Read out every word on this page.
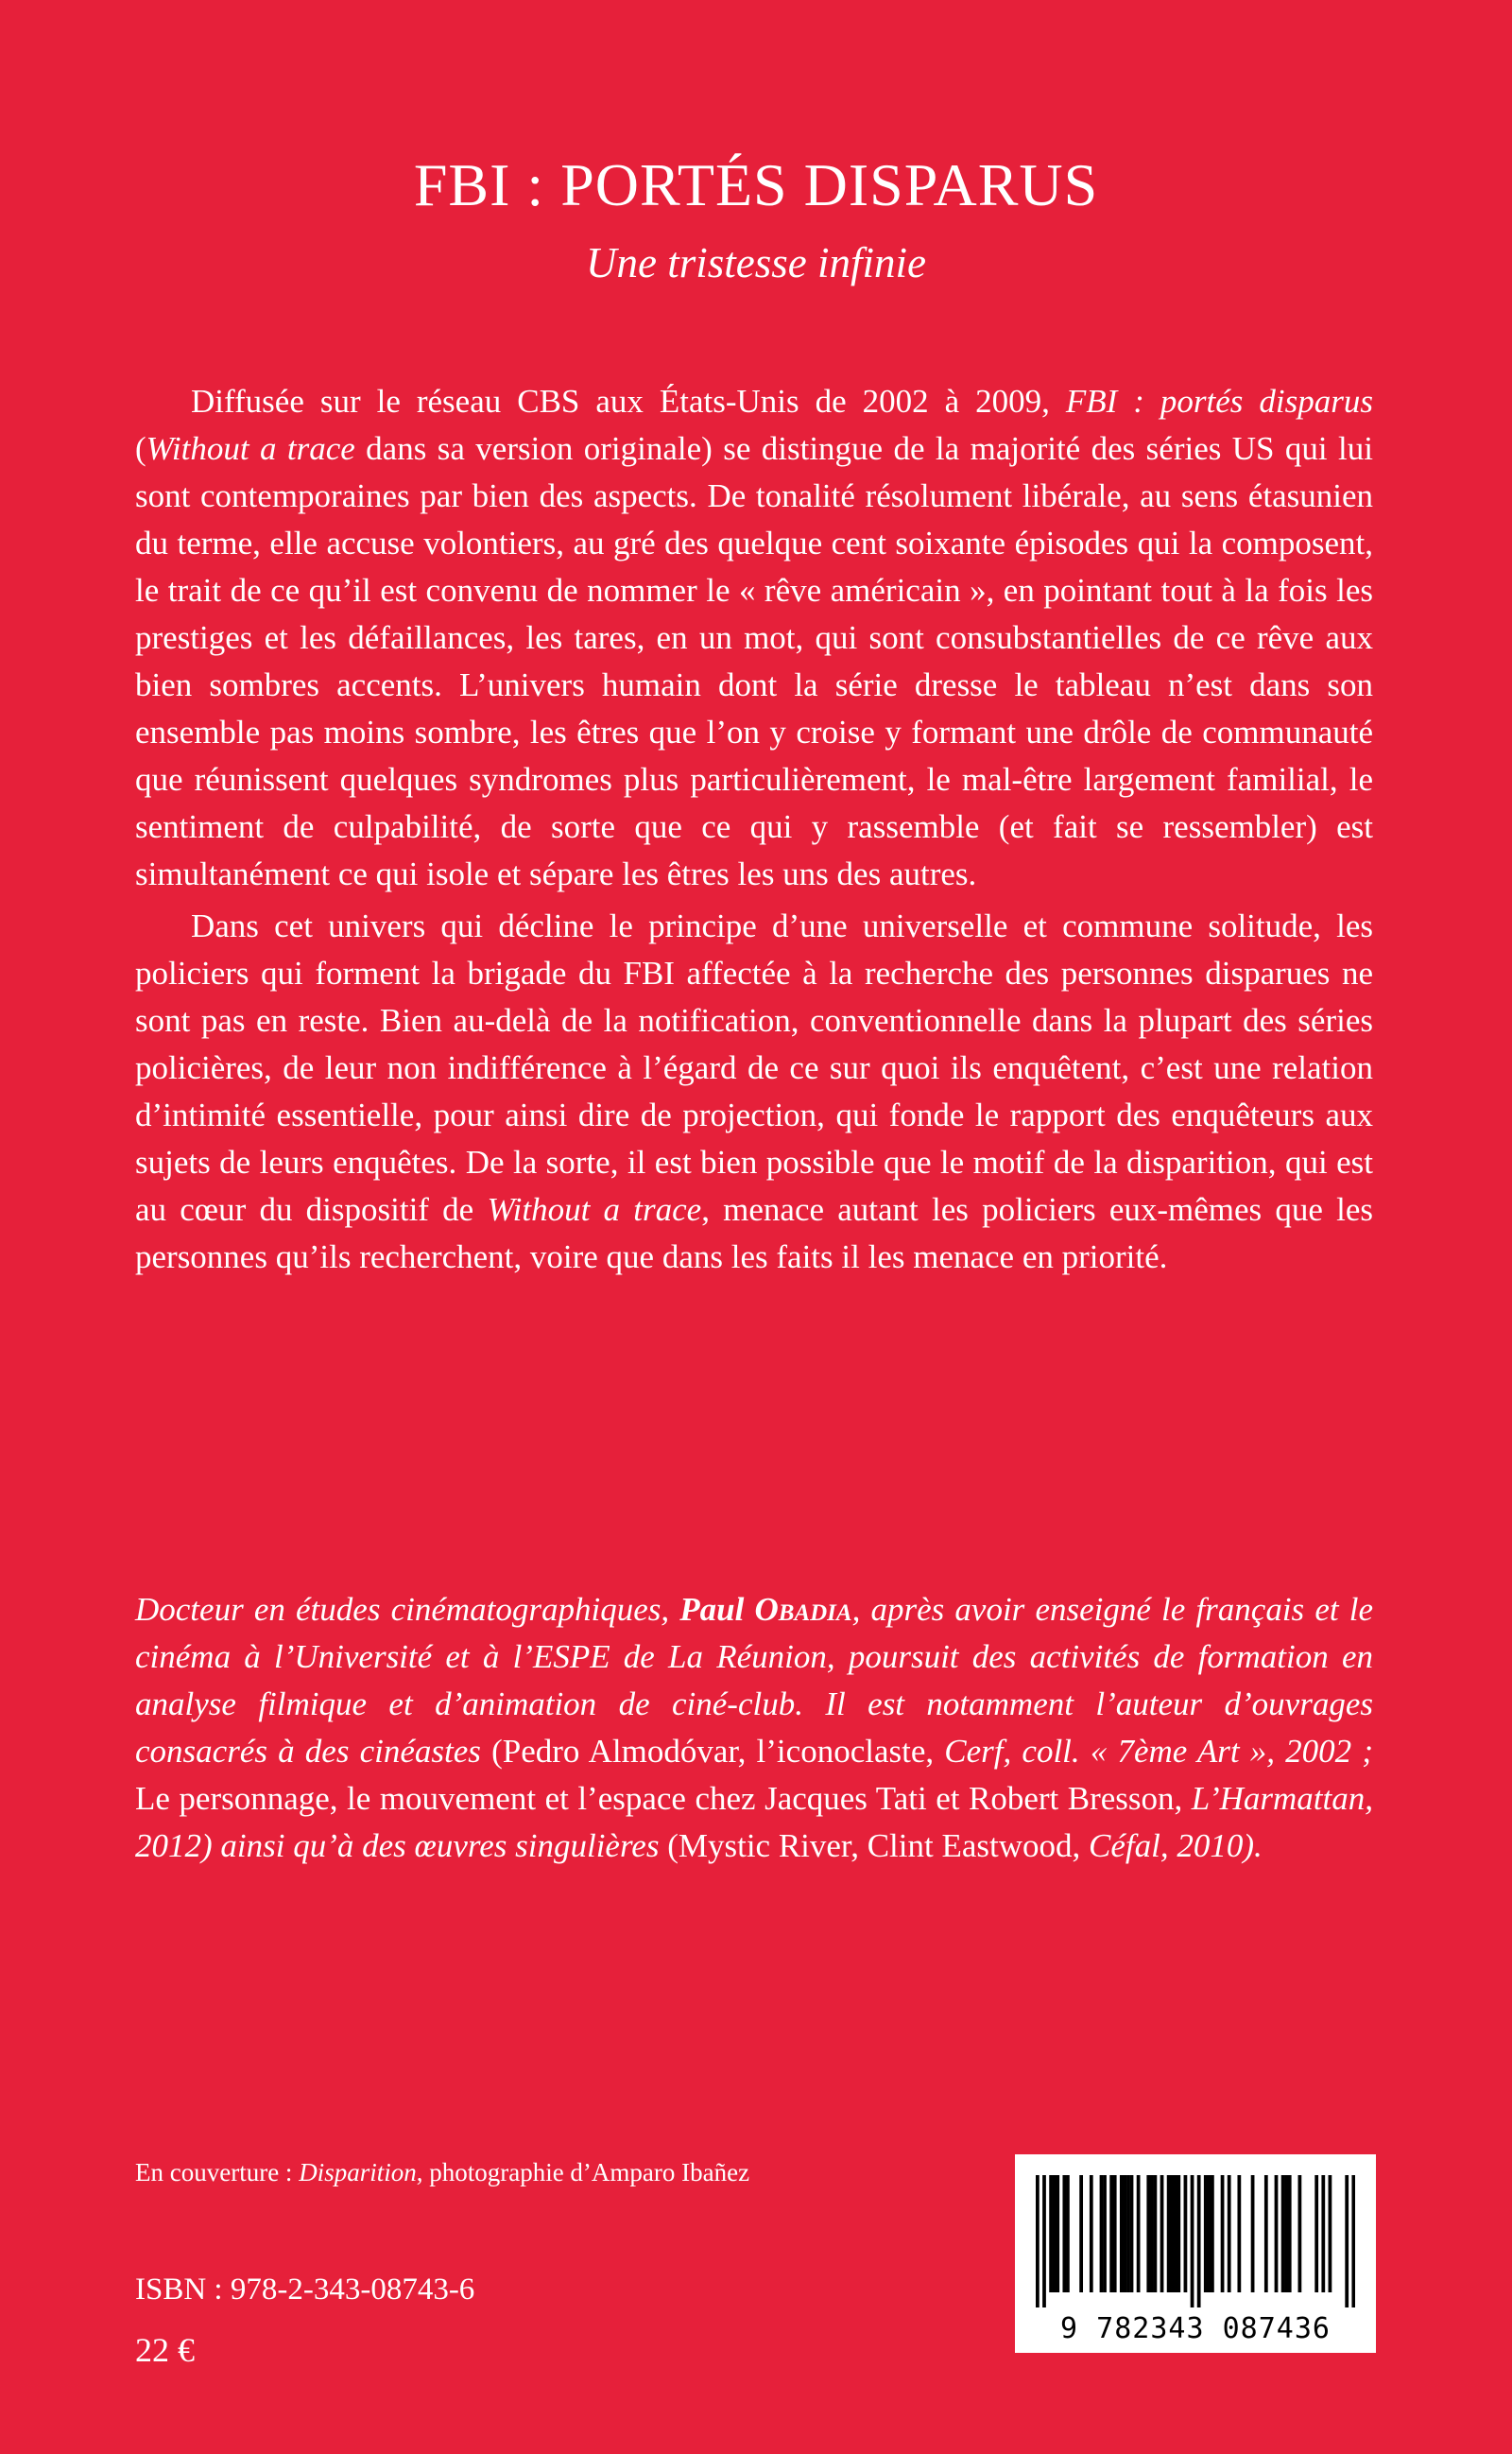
FBI : PORTÉS DISPARUS
Une tristesse infinie

Diffusée sur le réseau CBS aux États-Unis de 2002 à 2009, FBI : portés disparus (Without a trace dans sa version originale) se distingue de la majorité des séries US qui lui sont contemporaines par bien des aspects. De tonalité résolument libérale, au sens étasunien du terme, elle accuse volontiers, au gré des quelque cent soixante épisodes qui la composent, le trait de ce qu’il est convenu de nommer le « rêve américain », en pointant tout à la fois les prestiges et les défaillances, les tares, en un mot, qui sont consubstantielles de ce rêve aux bien sombres accents. L’univers humain dont la série dresse le tableau n’est dans son ensemble pas moins sombre, les êtres que l’on y croise y formant une drôle de communauté que réunissent quelques syndromes plus particulièrement, le mal-être largement familial, le sentiment de culpabilité, de sorte que ce qui y rassemble (et fait se ressembler) est simultanément ce qui isole et sépare les êtres les uns des autres.

Dans cet univers qui décline le principe d’une universelle et commune solitude, les policiers qui forment la brigade du FBI affectée à la recherche des personnes disparues ne sont pas en reste. Bien au-delà de la notification, conventionnelle dans la plupart des séries policières, de leur non indifférence à l’égard de ce sur quoi ils enquêtent, c’est une relation d’intimité essentielle, pour ainsi dire de projection, qui fonde le rapport des enquêteurs aux sujets de leurs enquêtes. De la sorte, il est bien possible que le motif de la disparition, qui est au cœur du dispositif de Without a trace, menace autant les policiers eux-mêmes que les personnes qu’ils recherchent, voire que dans les faits il les menace en priorité.

Docteur en études cinématographiques, Paul Obadia, après avoir enseigné le français et le cinéma à l’Université et à l’ESPE de La Réunion, poursuit des activités de formation en analyse filmique et d’animation de ciné-club. Il est notamment l’auteur d’ouvrages consacrés à des cinéastes (Pedro Almodóvar, l’iconoclaste, Cerf, coll. « 7ème Art », 2002 ; Le personnage, le mouvement et l’espace chez Jacques Tati et Robert Bresson, L’Harmattan, 2012) ainsi qu’à des œuvres singulières (Mystic River, Clint Eastwood, Céfal, 2010).

En couverture : Disparition, photographie d’Amparo Ibañez
ISBN : 978-2-343-08743-6
22 €
9 782343 087436
